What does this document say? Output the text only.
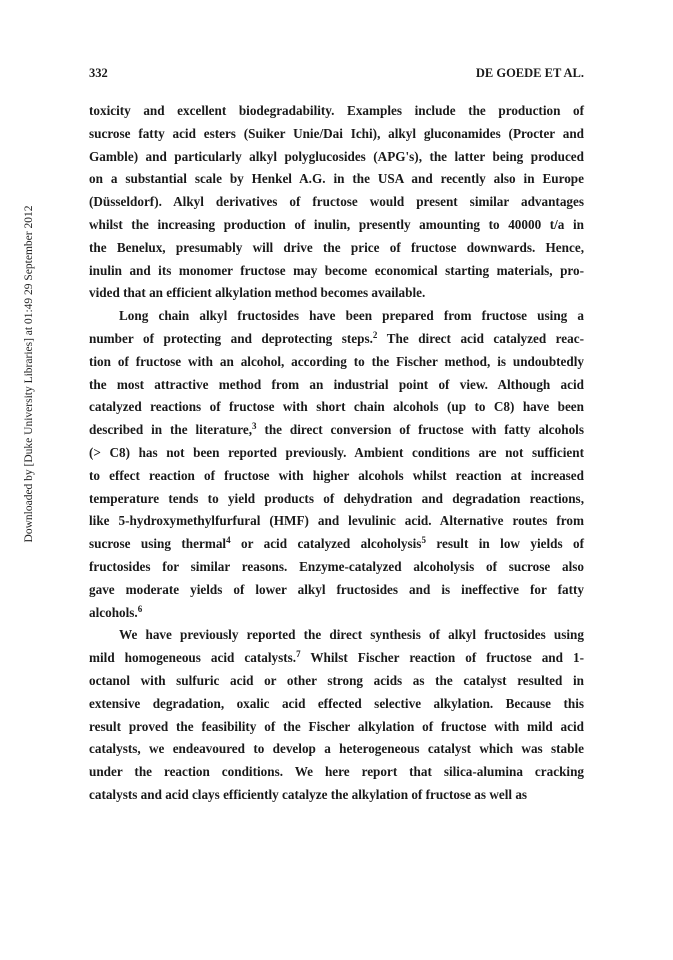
332	DE GOEDE ET AL.
Downloaded by [Duke University Libraries] at 01:49 29 September 2012
toxicity and excellent biodegradability. Examples include the production of
sucrose fatty acid esters (Suiker Unie/Dai Ichi), alkyl gluconamides (Procter and
Gamble) and particularly alkyl polyglucosides (APG's), the latter being produced
on a substantial scale by Henkel A.G. in the USA and recently also in Europe
(Düsseldorf). Alkyl derivatives of fructose would present similar advantages
whilst the increasing production of inulin, presently amounting to 40000 t/a in
the Benelux, presumably will drive the price of fructose downwards. Hence,
inulin and its monomer fructose may become economical starting materials, pro-
vided that an efficient alkylation method becomes available.
Long chain alkyl fructosides have been prepared from fructose using a
number of protecting and deprotecting steps.$^2$ The direct acid catalyzed reac-
tion of fructose with an alcohol, according to the Fischer method, is undoubtedly
the most attractive method from an industrial point of view. Although acid
catalyzed reactions of fructose with short chain alcohols (up to C8) have been
described in the literature,$^3$ the direct conversion of fructose with fatty alcohols
(> C8) has not been reported previously. Ambient conditions are not sufficient
to effect reaction of fructose with higher alcohols whilst reaction at increased
temperature tends to yield products of dehydration and degradation reactions,
like 5-hydroxymethylfurfural (HMF) and levulinic acid. Alternative routes from
sucrose using thermal$^4$ or acid catalyzed alcoholysis$^5$ result in low yields of
fructosides for similar reasons. Enzyme-catalyzed alcoholysis of sucrose also
gave moderate yields of lower alkyl fructosides and is ineffective for fatty
alcohols.$^6$
We have previously reported the direct synthesis of alkyl fructosides using
mild homogeneous acid catalysts.$^7$ Whilst Fischer reaction of fructose and 1-
octanol with sulfuric acid or other strong acids as the catalyst resulted in
extensive degradation, oxalic acid effected selective alkylation. Because this
result proved the feasibility of the Fischer alkylation of fructose with mild acid
catalysts, we endeavoured to develop a heterogeneous catalyst which was stable
under the reaction conditions. We here report that silica-alumina cracking
catalysts and acid clays efficiently catalyze the alkylation of fructose as well as
